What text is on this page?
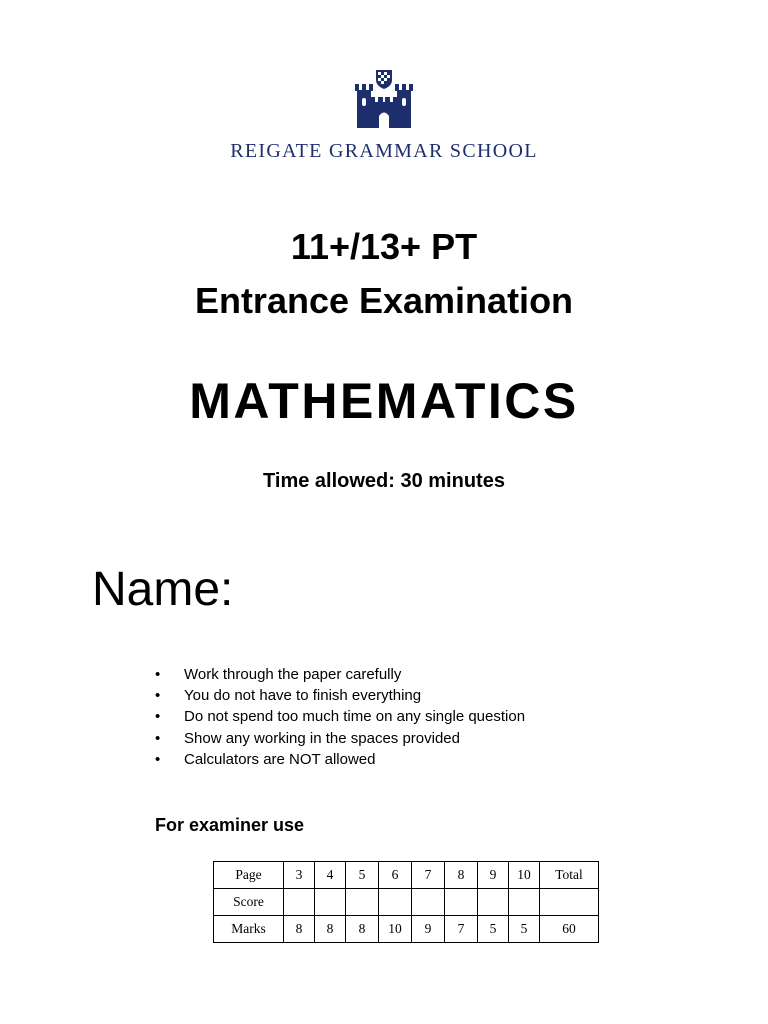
REIGATE GRAMMAR SCHOOL
11+/13+ PT
Entrance Examination
MATHEMATICS
Time allowed: 30 minutes
Name:
•	Work through the paper carefully
•	You do not have to finish everything
•	Do not spend too much time on any single question
•	Show any working in the spaces provided
•	Calculators are NOT allowed
For examiner use
Page	3	4	5	6	7	8	9	10	Total
Score									
Marks	8	8	8	10	9	7	5	5	60
